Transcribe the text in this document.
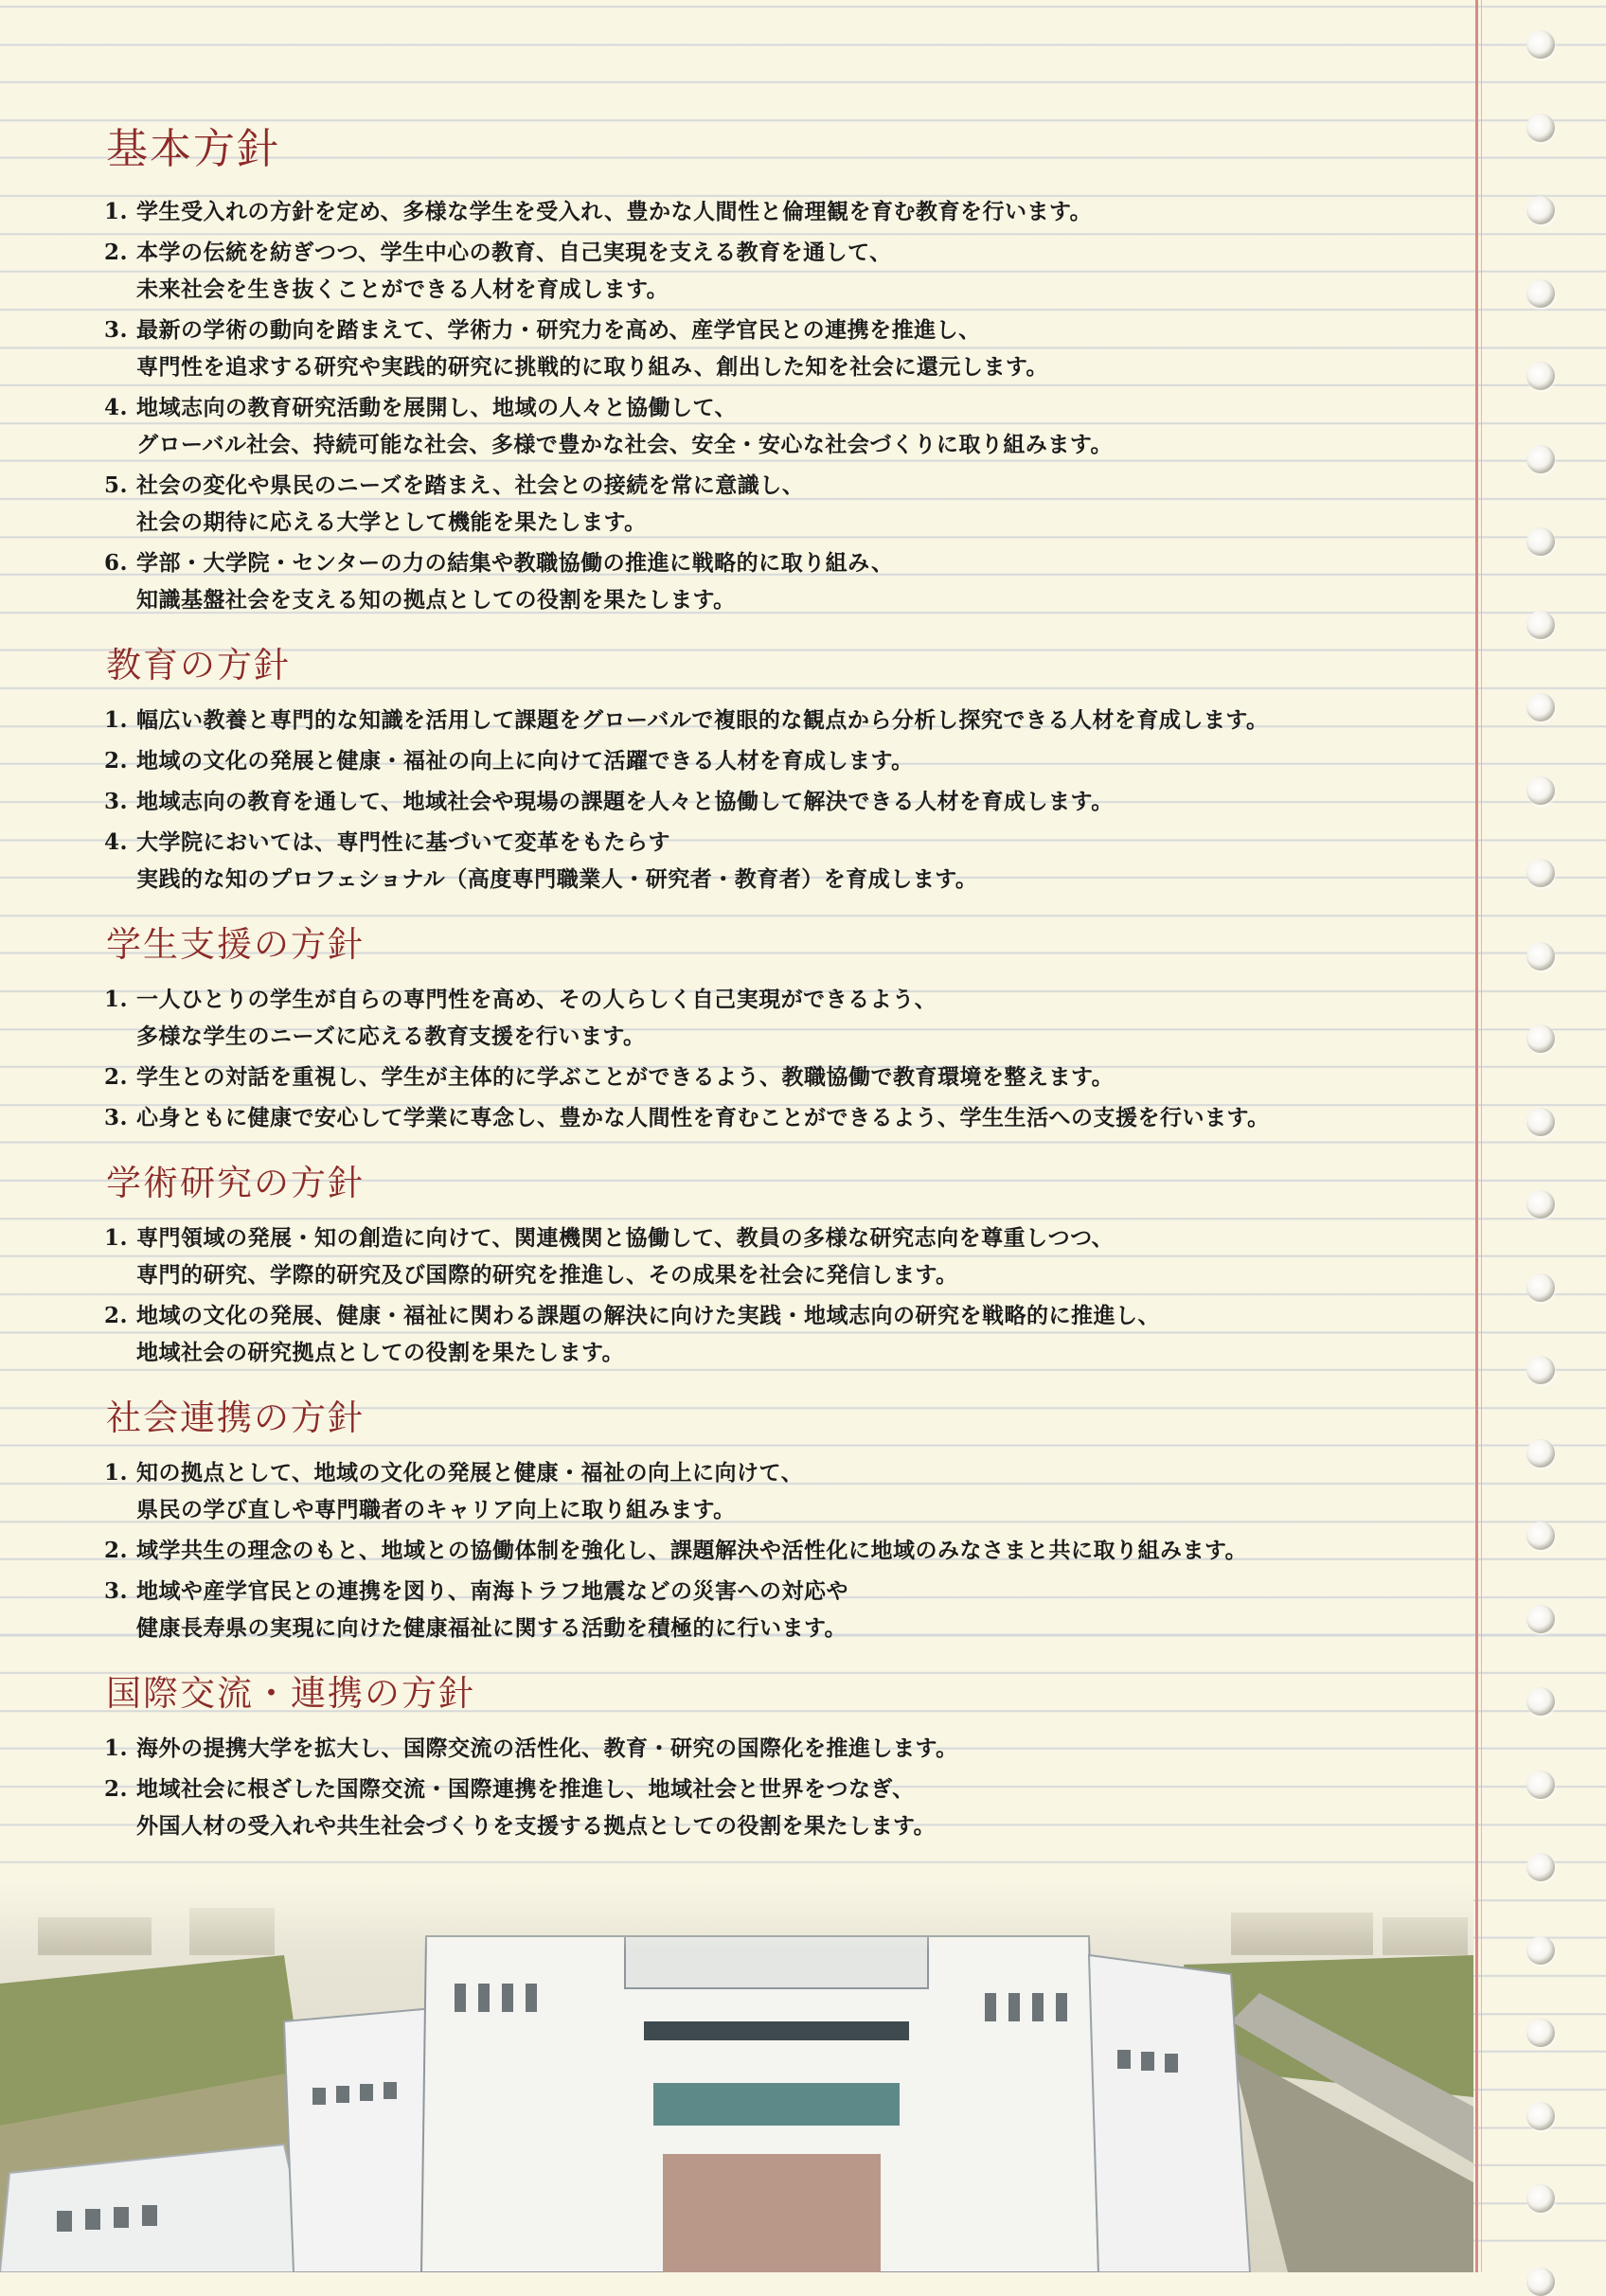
基本方針
1. 学生受入れの方針を定め、多様な学生を受入れ、豊かな人間性と倫理観を育む教育を行います。
2. 本学の伝統を紡ぎつつ、学生中心の教育、自己実現を支える教育を通して、
未来社会を生き抜くことができる人材を育成します。
3. 最新の学術の動向を踏まえて、学術力・研究力を高め、産学官民との連携を推進し、
専門性を追求する研究や実践的研究に挑戦的に取り組み、創出した知を社会に還元します。
4. 地域志向の教育研究活動を展開し、地域の人々と協働して、
グローバル社会、持続可能な社会、多様で豊かな社会、安全・安心な社会づくりに取り組みます。
5. 社会の変化や県民のニーズを踏まえ、社会との接続を常に意識し、
社会の期待に応える大学として機能を果たします。
6. 学部・大学院・センターの力の結集や教職協働の推進に戦略的に取り組み、
知識基盤社会を支える知の拠点としての役割を果たします。
教育の方針
1. 幅広い教養と専門的な知識を活用して課題をグローバルで複眼的な観点から分析し探究できる人材を育成します。
2. 地域の文化の発展と健康・福祉の向上に向けて活躍できる人材を育成します。
3. 地域志向の教育を通して、地域社会や現場の課題を人々と協働して解決できる人材を育成します。
4. 大学院においては、専門性に基づいて変革をもたらす
実践的な知のプロフェショナル（高度専門職業人・研究者・教育者）を育成します。
学生支援の方針
1. 一人ひとりの学生が自らの専門性を高め、その人らしく自己実現ができるよう、
多様な学生のニーズに応える教育支援を行います。
2. 学生との対話を重視し、学生が主体的に学ぶことができるよう、教職協働で教育環境を整えます。
3. 心身ともに健康で安心して学業に専念し、豊かな人間性を育むことができるよう、学生生活への支援を行います。
学術研究の方針
1. 専門領域の発展・知の創造に向けて、関連機関と協働して、教員の多様な研究志向を尊重しつつ、
専門的研究、学際的研究及び国際的研究を推進し、その成果を社会に発信します。
2. 地域の文化の発展、健康・福祉に関わる課題の解決に向けた実践・地域志向の研究を戦略的に推進し、
地域社会の研究拠点としての役割を果たします。
社会連携の方針
1. 知の拠点として、地域の文化の発展と健康・福祉の向上に向けて、
県民の学び直しや専門職者のキャリア向上に取り組みます。
2. 域学共生の理念のもと、地域との協働体制を強化し、課題解決や活性化に地域のみなさまと共に取り組みます。
3. 地域や産学官民との連携を図り、南海トラフ地震などの災害への対応や
健康長寿県の実現に向けた健康福祉に関する活動を積極的に行います。
国際交流・連携の方針
1. 海外の提携大学を拡大し、国際交流の活性化、教育・研究の国際化を推進します。
2. 地域社会に根ざした国際交流・国際連携を推進し、地域社会と世界をつなぎ、
外国人材の受入れや共生社会づくりを支援する拠点としての役割を果たします。
